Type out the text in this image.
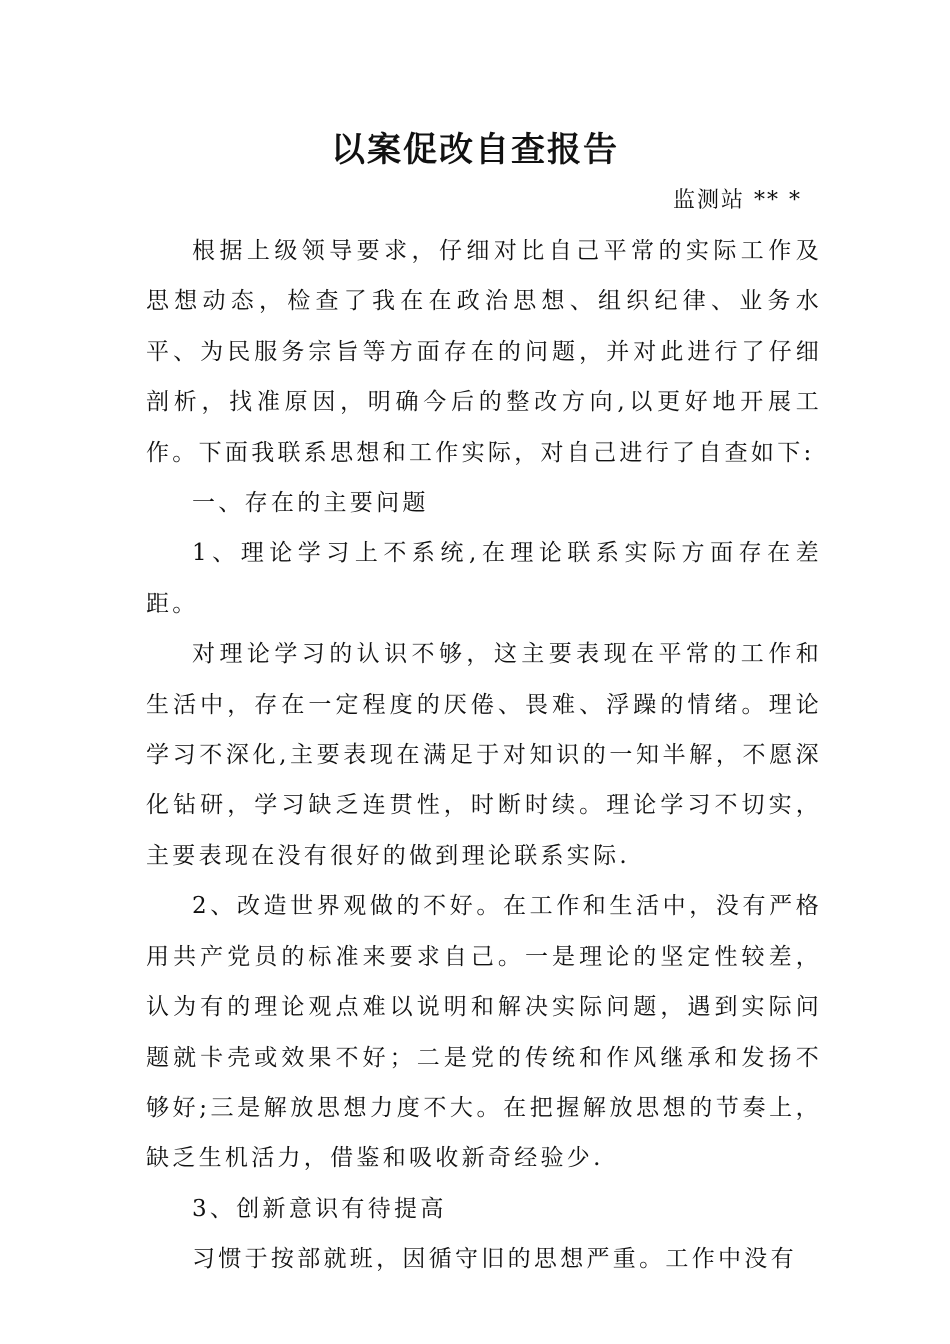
以案促改自查报告

监测站 ** *

根据上级领导要求，仔细对比自己平常的实际工作及思想动态，检查了我在在政治思想、组织纪律、业务水平、为民服务宗旨等方面存在的问题，并对此进行了仔细剖析，找准原因，明确今后的整改方向,以更好地开展工作。下面我联系思想和工作实际，对自己进行了自查如下:

一、存在的主要问题

1、理论学习上不系统,在理论联系实际方面存在差距。

对理论学习的认识不够，这主要表现在平常的工作和生活中，存在一定程度的厌倦、畏难、浮躁的情绪。理论学习不深化,主要表现在满足于对知识的一知半解，不愿深化钻研，学习缺乏连贯性，时断时续。理论学习不切实，主要表现在没有很好的做到理论联系实际.

2、改造世界观做的不好。在工作和生活中，没有严格用共产党员的标准来要求自己。一是理论的坚定性较差，认为有的理论观点难以说明和解决实际问题，遇到实际问题就卡壳或效果不好；二是党的传统和作风继承和发扬不够好;三是解放思想力度不大。在把握解放思想的节奏上，缺乏生机活力，借鉴和吸收新奇经验少.

3、创新意识有待提高

习惯于按部就班，因循守旧的思想严重。工作中没有
